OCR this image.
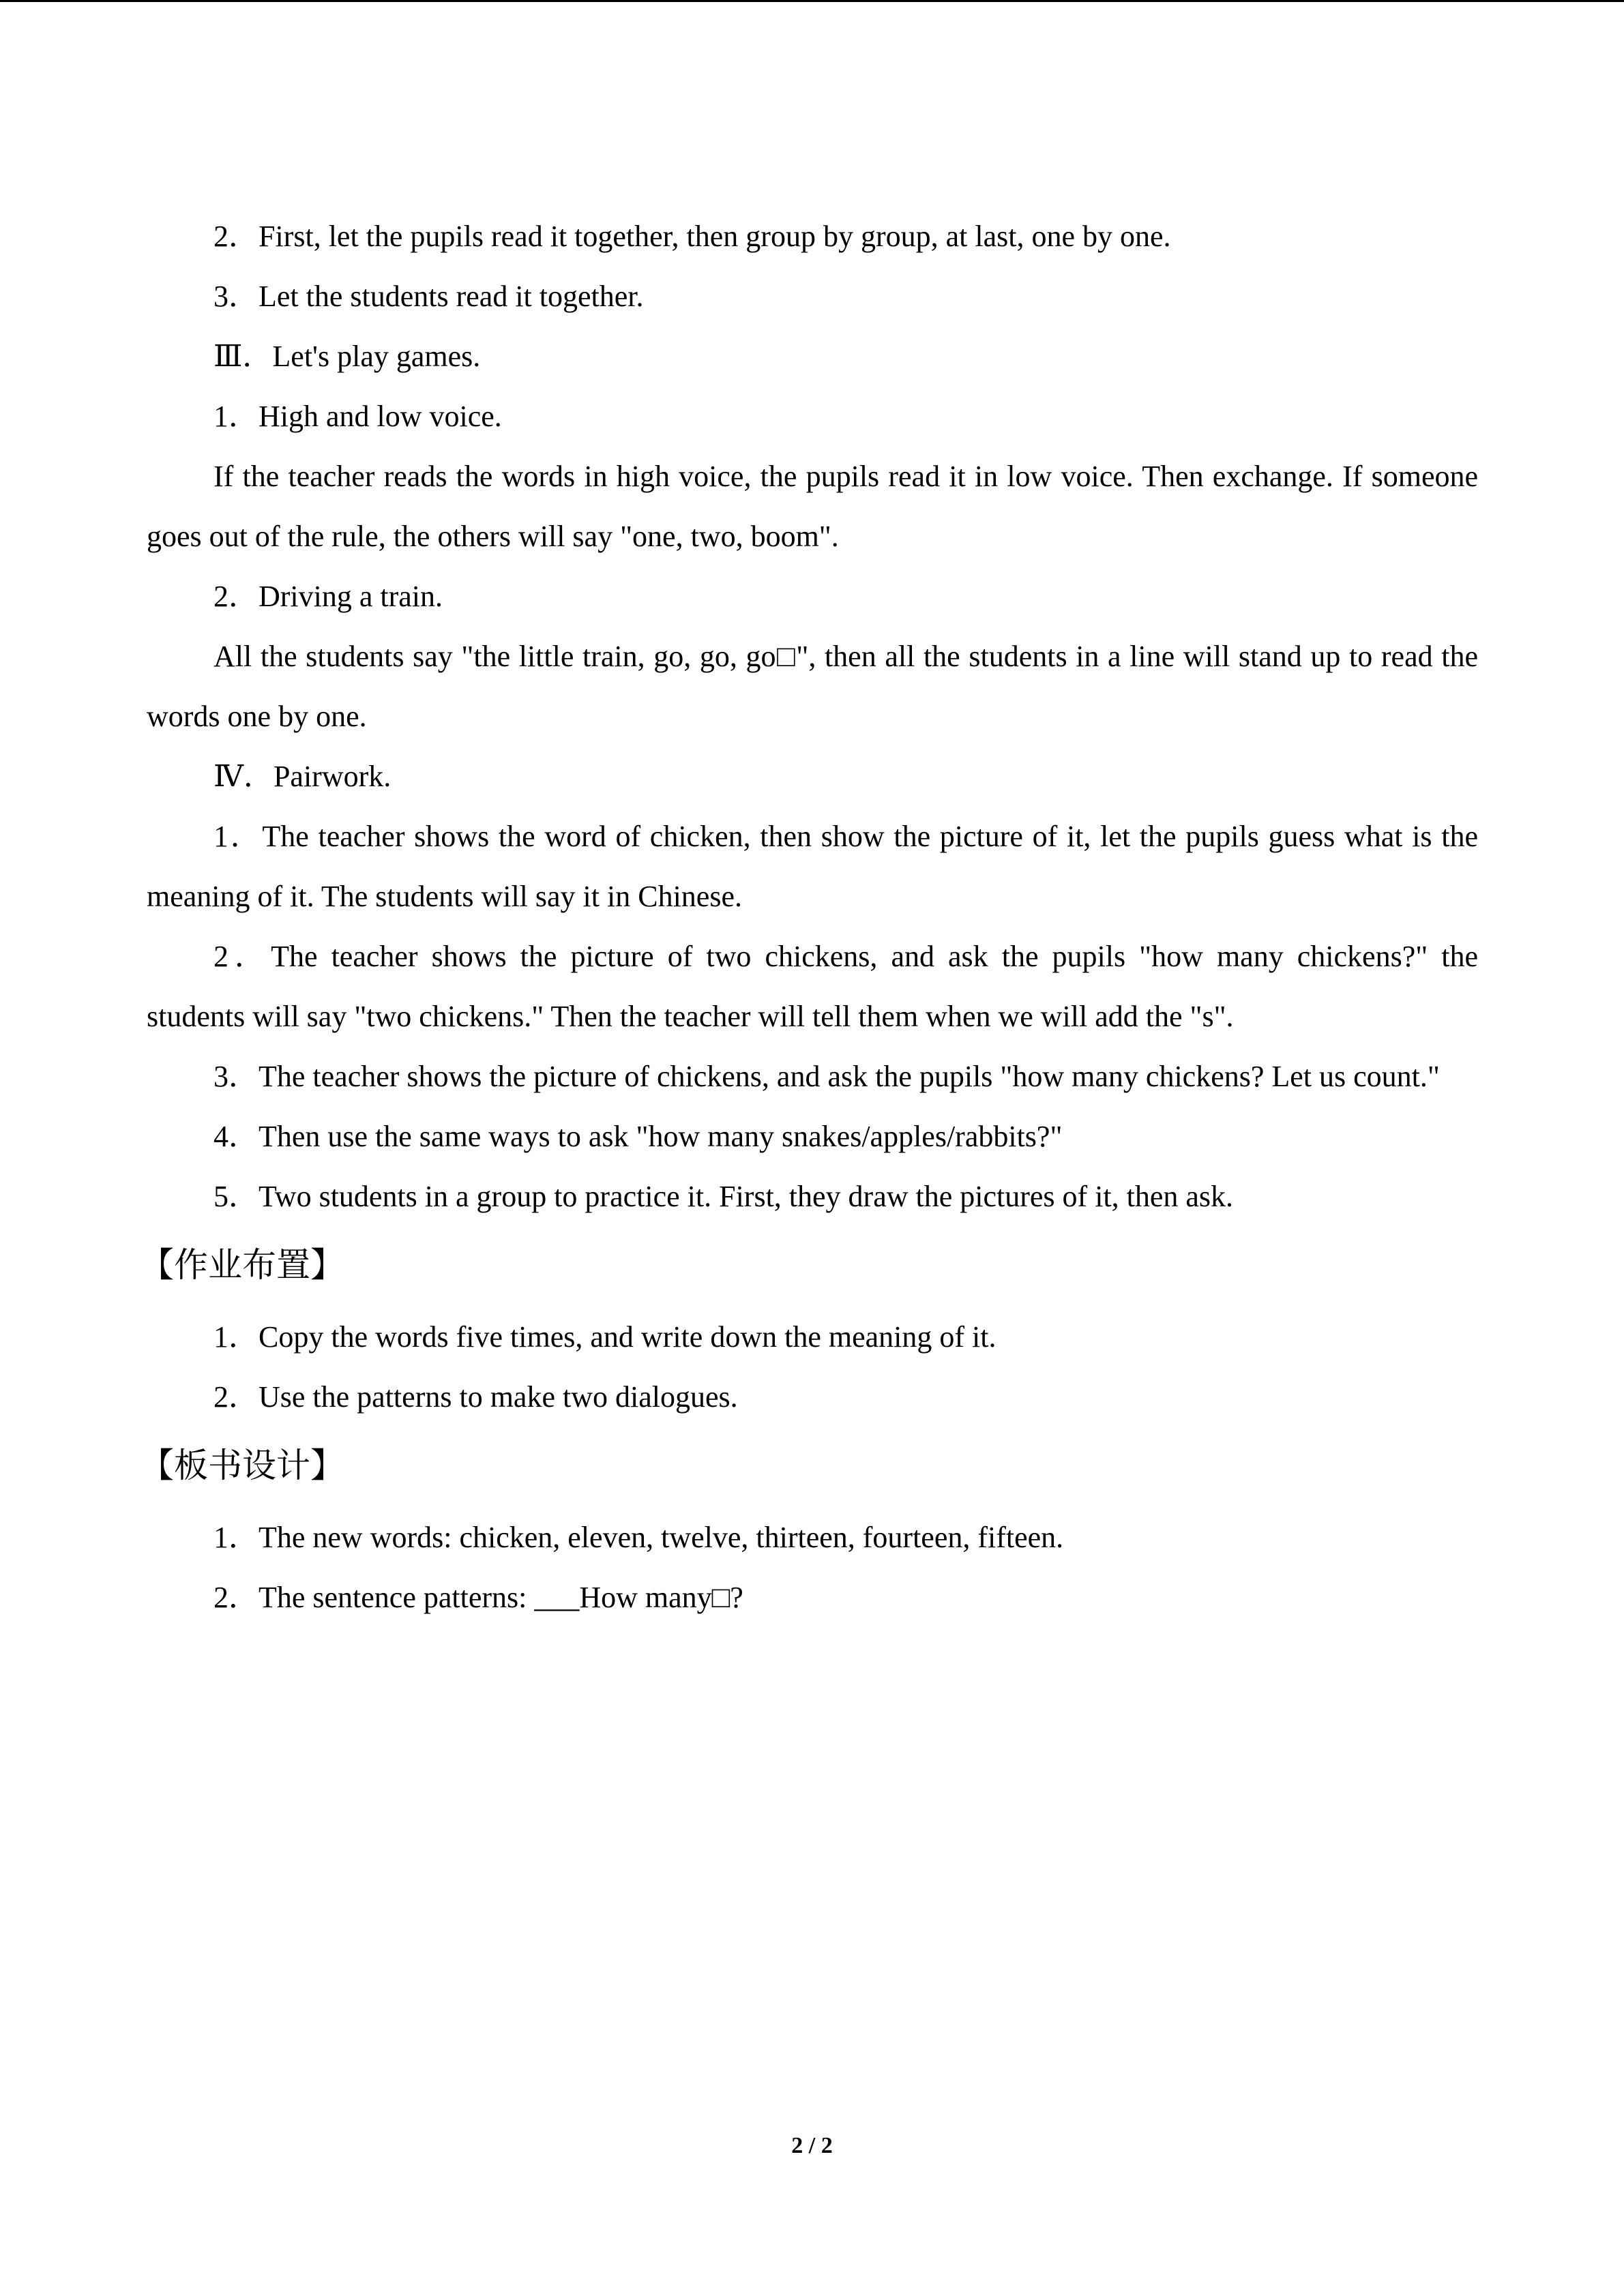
2．First, let the pupils read it together, then group by group, at last, one by one.

3．Let the students read it together.

Ⅲ．Let's play games.

1．High and low voice.

If the teacher reads the words in high voice, the pupils read it in low voice. Then exchange. If someone goes out of the rule, the others will say "one, two, boom".

2．Driving a train.

All the students say "the little train, go, go, go□", then all the students in a line will stand up to read the words one by one.

Ⅳ．Pairwork.

1．The teacher shows the word of chicken, then show the picture of it, let the pupils guess what is the meaning of it. The students will say it in Chinese.

2．The teacher shows the picture of two chickens, and ask the pupils "how many chickens?" the students will say "two chickens." Then the teacher will tell them when we will add the "s".

3．The teacher shows the picture of chickens, and ask the pupils "how many chickens? Let us count."

4．Then use the same ways to ask "how many snakes/apples/rabbits?"

5．Two students in a group to practice it. First, they draw the pictures of it, then ask.

【作业布置】

1．Copy the words five times, and write down the meaning of it.

2．Use the patterns to make two dialogues.

【板书设计】

1．The new words: chicken, eleven, twelve, thirteen, fourteen, fifteen.

2．The sentence patterns: ___How many□?

2 / 2
